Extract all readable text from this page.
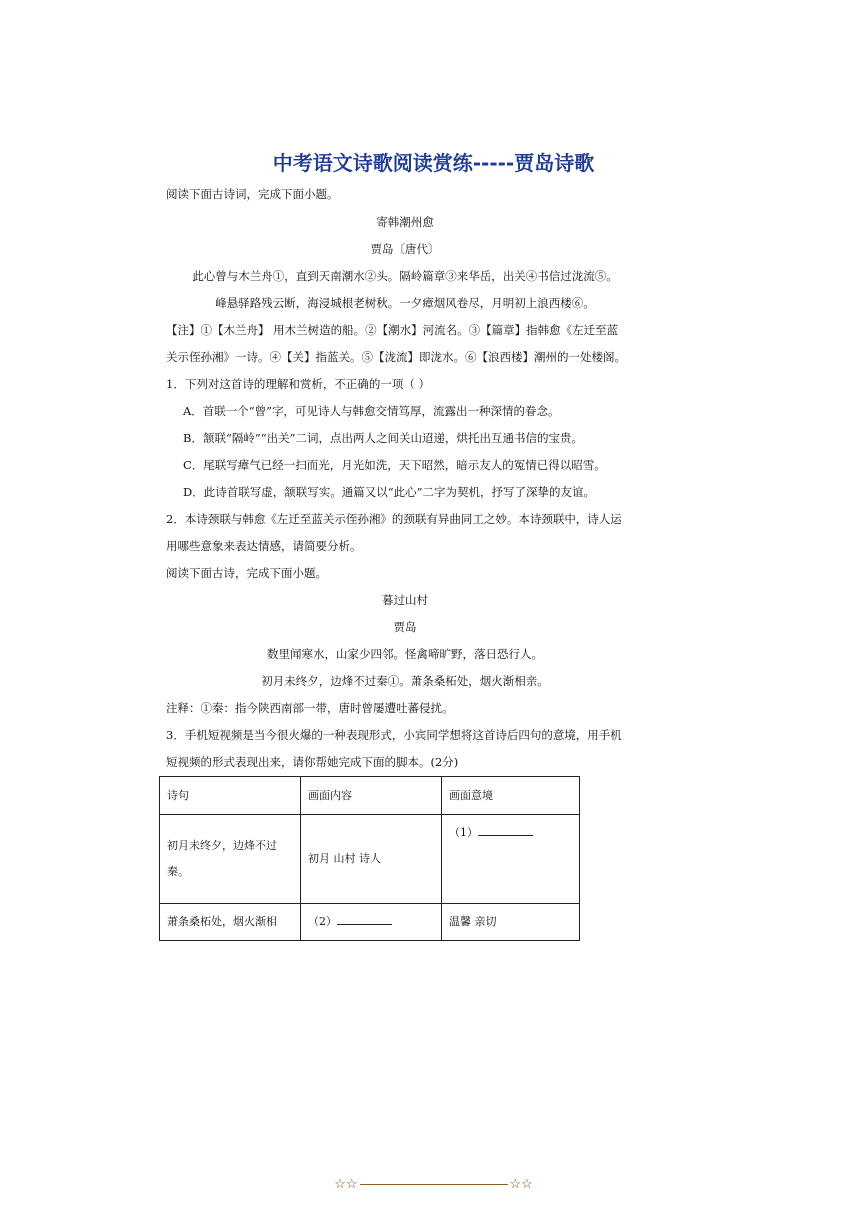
中考语文诗歌阅读赏练-----贾岛诗歌
阅读下面古诗词，完成下面小题。
寄韩潮州愈
贾岛〔唐代〕
此心曾与木兰舟①，直到天南潮水②头。隔岭篇章③来华岳，出关④书信过泷流⑤。
峰悬驿路残云断，海浸城根老树秋。一夕瘴烟风卷尽，月明初上浪西楼⑥。
【注】①【木兰舟】 用木兰树造的船。②【潮水】河流名。③【篇章】指韩愈《左迁至蓝
关示侄孙湘》一诗。④【关】指蓝关。⑤【泷流】即泷水。⑥【浪西楼】潮州的一处楼阁。
1．下列对这首诗的理解和赏析，不正确的一项（ ）
A．首联一个“曾”字，可见诗人与韩愈交情笃厚，流露出一种深情的眷念。
B．颔联“隔岭”“出关”二词，点出两人之间关山迢递，烘托出互通书信的宝贵。
C．尾联写瘴气已经一扫而光，月光如洗，天下昭然，暗示友人的冤情已得以昭雪。
D．此诗首联写虚，颔联写实。通篇又以“此心”二字为契机，抒写了深挚的友谊。
2．本诗颈联与韩愈《左迁至蓝关示侄孙湘》的颈联有异曲同工之妙。本诗颈联中，诗人运
用哪些意象来表达情感，请简要分析。
阅读下面古诗，完成下面小题。
暮过山村
贾岛
数里闻寒水，山家少四邻。怪禽啼旷野，落日恐行人。
初月未终夕，边烽不过秦①。萧条桑柘处，烟火渐相亲。
注释：①秦：指今陕西南部一带，唐时曾屡遭吐蕃侵扰。
3．手机短视频是当今很火爆的一种表现形式，小宾同学想将这首诗后四句的意境，用手机
短视频的形式表现出来，请你帮她完成下面的脚本。(2分)
诗句	画面内容	画面意境

初月未终夕，边烽不过
秦。	初月 山村 诗人	（1）
萧条桑柘处，烟火渐相	（2）	温馨 亲切
☆☆	☆☆
